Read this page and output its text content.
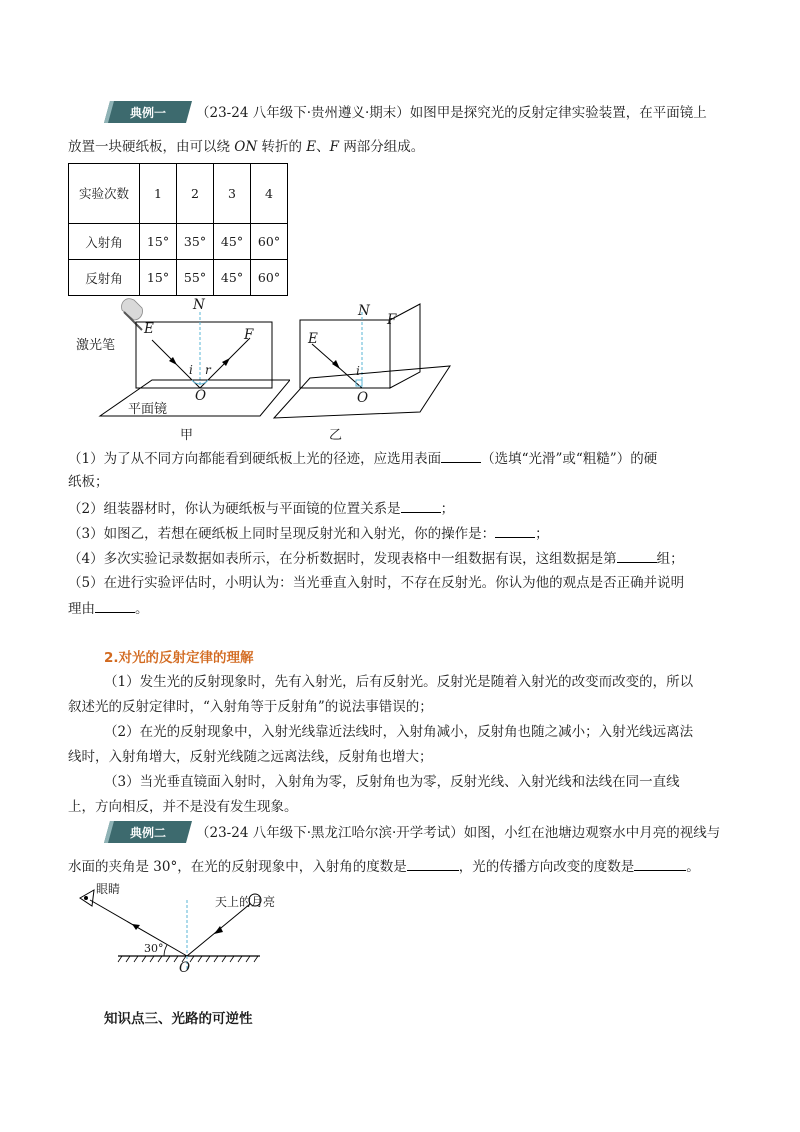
典例一	（23-24 八年级下·贵州遵义·期末）如图甲是探究光的反射定律实验装置，在平面镜上
放置一块硬纸板，由可以绕 ON 转折的 E、F 两部分组成。
实验次数	1	2	3	4
入射角	15°	35°	45°	60°
反射角	15°	55°	45°	60°
N
E	F
i r
O
激光笔
平面镜
甲
N
F
E
i
O
乙
（1）为了从不同方向都能看到硬纸板上光的径迹，应选用表面	（选填“光滑”或“粗糙”）的硬
纸板；
（2）组装器材时，你认为硬纸板与平面镜的位置关系是	；
（3）如图乙，若想在硬纸板上同时呈现反射光和入射光，你的操作是：	；
（4）多次实验记录数据如表所示，在分析数据时，发现表格中一组数据有误，这组数据是第	组；
（5）在进行实验评估时，小明认为：当光垂直入射时，不存在反射光。你认为他的观点是否正确并说明
理由	。
2.对光的反射定律的理解
（1）发生光的反射现象时，先有入射光，后有反射光。反射光是随着入射光的改变而改变的，所以
叙述光的反射定律时，“入射角等于反射角”的说法事错误的；
（2）在光的反射现象中，入射光线靠近法线时，入射角减小，反射角也随之减小；入射光线远离法
线时，入射角增大，反射光线随之远离法线，反射角也增大；
（3）当光垂直镜面入射时，入射角为零，反射角也为零，反射光线、入射光线和法线在同一直线
上，方向相反，并不是没有发生现象。
典例二	（23-24 八年级下·黑龙江哈尔滨·开学考试）如图，小红在池塘边观察水中月亮的视线与
水面的夹角是 30°，在光的反射现象中，入射角的度数是	，光的传播方向改变的度数是	。
眼睛
天上的月亮
30°
O
知识点三、光路的可逆性
